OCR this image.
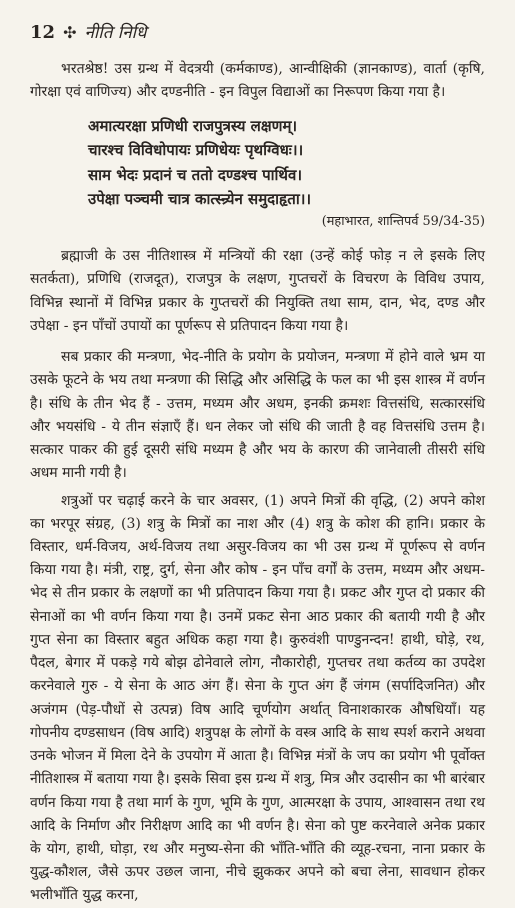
12 ✣ नीति निधि

भरतश्रेष्ठ! उस ग्रन्थ में वेदत्रयी (कर्मकाण्ड), आन्वीक्षिकी (ज्ञानकाण्ड), वार्ता (कृषि, गोरक्षा एवं वाणिज्य) और दण्डनीति - इन विपुल विद्याओं का निरूपण किया गया है।

अमात्यरक्षा प्रणिधी राजपुत्रस्य लक्षणम्।
चारश्च विविधोपायः प्रणिधेयः पृथग्विधः।।
साम भेदः प्रदानं च ततो दण्डश्च पार्थिव।
उपेक्षा पञ्चमी चात्र कात्स्न्र्येन समुदाहृता।।
(महाभारत, शान्तिपर्व 59/34-35)

ब्रह्माजी के उस नीतिशास्त्र में मन्त्रियों की रक्षा (उन्हें कोई फोड़ न ले इसके लिए सतर्कता), प्रणिधि (राजदूत), राजपुत्र के लक्षण, गुप्तचरों के विचरण के विविध उपाय, विभिन्न स्थानों में विभिन्न प्रकार के गुप्तचरों की नियुक्ति तथा साम, दान, भेद, दण्ड और उपेक्षा - इन पाँचों उपायों का पूर्णरूप से प्रतिपादन किया गया है।

सब प्रकार की मन्त्रणा, भेद-नीति के प्रयोग के प्रयोजन, मन्त्रणा में होने वाले भ्रम या उसके फूटने के भय तथा मन्त्रणा की सिद्धि और असिद्धि के फल का भी इस शास्त्र में वर्णन है। संधि के तीन भेद हैं - उत्तम, मध्यम और अधम, इनकी क्रमशः वित्तसंधि, सत्कारसंधि और भयसंधि - ये तीन संज्ञाएँ हैं। धन लेकर जो संधि की जाती है वह वित्तसंधि उत्तम है। सत्कार पाकर की हुई दूसरी संधि मध्यम है और भय के कारण की जानेवाली तीसरी संधि अधम मानी गयी है।

शत्रुओं पर चढ़ाई करने के चार अवसर, (1) अपने मित्रों की वृद्धि, (2) अपने कोश का भरपूर संग्रह, (3) शत्रु के मित्रों का नाश और (4) शत्रु के कोश की हानि। प्रकार के विस्तार, धर्म-विजय, अर्थ-विजय तथा असुर-विजय का भी उस ग्रन्थ में पूर्णरूप से वर्णन किया गया है। मंत्री, राष्ट्र, दुर्ग, सेना और कोष - इन पाँच वर्गों के उत्तम, मध्यम और अधम-भेद से तीन प्रकार के लक्षणों का भी प्रतिपादन किया गया है। प्रकट और गुप्त दो प्रकार की सेनाओं का भी वर्णन किया गया है। उनमें प्रकट सेना आठ प्रकार की बतायी गयी है और गुप्त सेना का विस्तार बहुत अधिक कहा गया है। कुरुवंशी पाण्डुनन्दन! हाथी, घोड़े, रथ, पैदल, बेगार में पकड़े गये बोझ ढोनेवाले लोग, नौकारोही, गुप्तचर तथा कर्तव्य का उपदेश करनेवाले गुरु - ये सेना के आठ अंग हैं। सेना के गुप्त अंग हैं जंगम (सर्पादिजनित) और अजंगम (पेड़-पौधों से उत्पन्न) विष आदि चूर्णयोग अर्थात् विनाशकारक औषधियाँ। यह गोपनीय दण्डसाधन (विष आदि) शत्रुपक्ष के लोगों के वस्त्र आदि के साथ स्पर्श कराने अथवा उनके भोजन में मिला देने के उपयोग में आता है। विभिन्न मंत्रों के जप का प्रयोग भी पूर्वोक्त नीतिशास्त्र में बताया गया है। इसके सिवा इस ग्रन्थ में शत्रु, मित्र और उदासीन का भी बारंबार वर्णन किया गया है तथा मार्ग के गुण, भूमि के गुण, आत्मरक्षा के उपाय, आश्वासन तथा रथ आदि के निर्माण और निरीक्षण आदि का भी वर्णन है। सेना को पुष्ट करनेवाले अनेक प्रकार के योग, हाथी, घोड़ा, रथ और मनुष्य-सेना की भाँति-भाँति की व्यूह-रचना, नाना प्रकार के युद्ध-कौशल, जैसे ऊपर उछल जाना, नीचे झुककर अपने को बचा लेना, सावधान होकर भलीभाँति युद्ध करना,
